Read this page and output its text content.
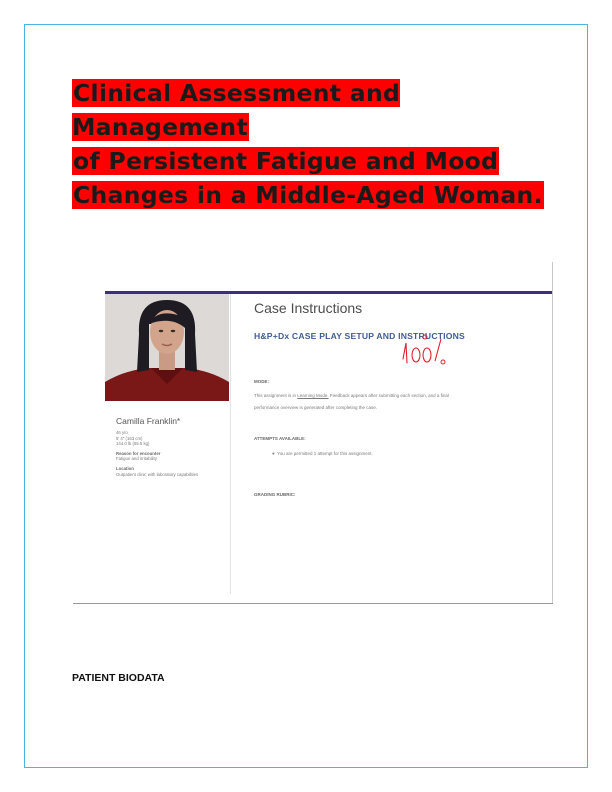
Clinical Assessment and Management
of Persistent Fatigue and Mood
Changes in a Middle-Aged Woman.
Camilla Franklin*
46 y/o
5' 4" (163 cm)
144.0 lb (65.5 kg)
Reason for encounter
Fatigue and irritability
Location
Outpatient clinic with laboratory capabilities
Case Instructions
H&P+Dx CASE PLAY SETUP AND INSTRUCTIONS
MODE:
This assignment is in Learning Mode. Feedback appears after submitting each section, and a final
performance overview is generated after completing the case.
ATTEMPTS AVAILABLE:
● You are permitted 1 attempt for this assignment.
GRADING RUBRIC:
PATIENT BIODATA
